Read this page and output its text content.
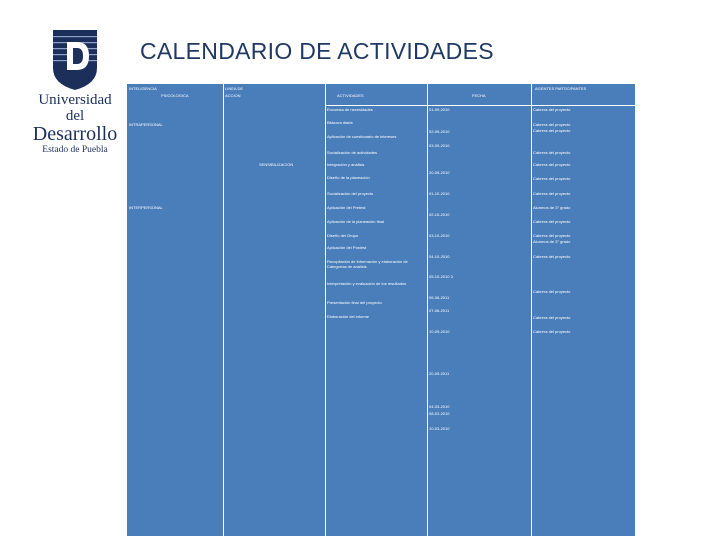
Universidad del
Desarrollo
Estado de Puebla
CALENDARIO DE ACTIVIDADES
INTELIGENCIA
PSICOLOGICA
LINEA DE
ACCION	ACTIVIDADES	FECHA
AGENTES PARTICIPANTES
INTRAPERSONAL
INTERPERSONAL
SENSIBILIZACION
Encuesta de necesidades
Bitácora diaria
Aplicación de cuestionario de intereses
Socialización de actividades
Integración y análisis
Diseño de la planeación
Socialización del proyecto
Aplicación del Pretest
Aplicación de la planeación final
Diseño del Grupo
Aplicación del Postest
Recopilación de información y elaboración de Categorías de análisis
Interpretación y evaluación de los resultados
Presentación final del proyecto
Elaboración del informe
01-09-2010
02-09-2010
03-09-2010
20-09-2010
01-10-2010
02-10-2010
03-10-2010
04-10-2010
05-10-2010 3
06-06-2011
07-06-2011
10-09-2010
20-09-2011
04-03-2010
08-03-2010
10-03-2010
Cabrera del proyecto
Cabrera del proyecto
Cabrera del proyecto
Cabrera del proyecto
Cabrera del proyecto
Cabrera del proyecto
Cabrera del proyecto
Alumnos de 3° grado
Cabrera del proyecto
Cabrera del proyecto
Alumnos de 3° grado
Cabrera del proyecto
Cabrera del proyecto
Cabrera del proyecto
Cabrera del proyecto
